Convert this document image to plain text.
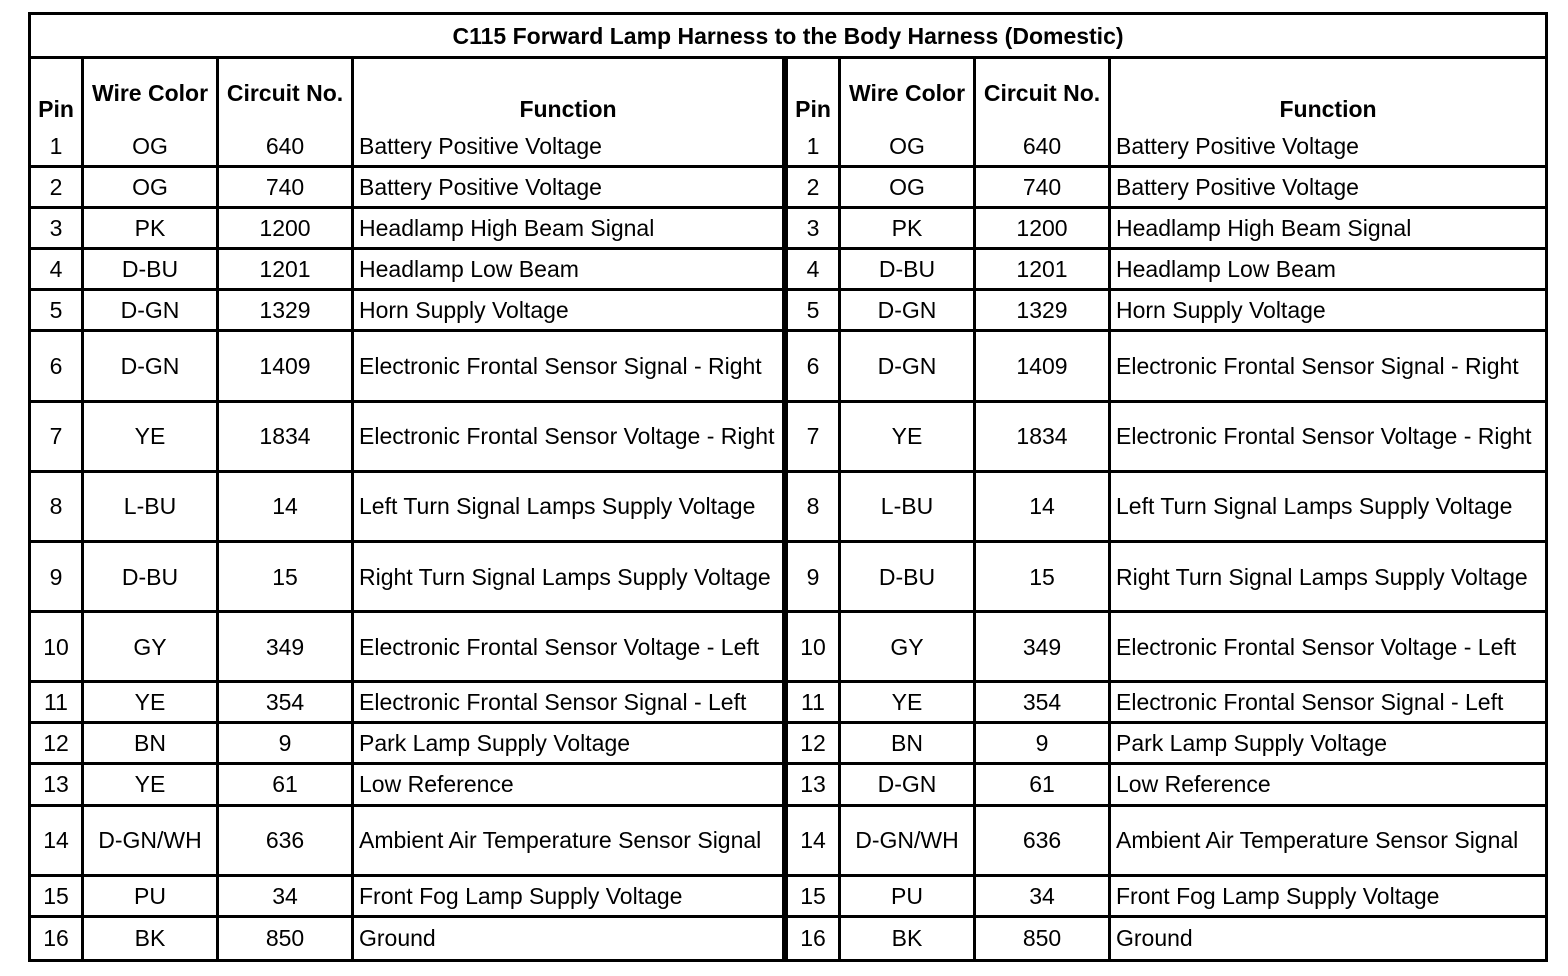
C115 Forward Lamp Harness to the Body Harness (Domestic)							
Pin	Wire Color	Circuit No.	Function	Pin	Wire Color	Circuit No.	Function
1	OG	640	Battery Positive Voltage	1	OG	640	Battery Positive Voltage
2	OG	740	Battery Positive Voltage	2	OG	740	Battery Positive Voltage
3	PK	1200	Headlamp High Beam Signal	3	PK	1200	Headlamp High Beam Signal
4	D-BU	1201	Headlamp Low Beam	4	D-BU	1201	Headlamp Low Beam
5	D-GN	1329	Horn Supply Voltage	5	D-GN	1329	Horn Supply Voltage
6	D-GN	1409	Electronic Frontal Sensor Signal - Right	6	D-GN	1409	Electronic Frontal Sensor Signal - Right
7	YE	1834	Electronic Frontal Sensor Voltage - Right	7	YE	1834	Electronic Frontal Sensor Voltage - Right
8	L-BU	14	Left Turn Signal Lamps Supply Voltage	8	L-BU	14	Left Turn Signal Lamps Supply Voltage
9	D-BU	15	Right Turn Signal Lamps Supply Voltage	9	D-BU	15	Right Turn Signal Lamps Supply Voltage
10	GY	349	Electronic Frontal Sensor Voltage - Left	10	GY	349	Electronic Frontal Sensor Voltage - Left
11	YE	354	Electronic Frontal Sensor Signal - Left	11	YE	354	Electronic Frontal Sensor Signal - Left
12	BN	9	Park Lamp Supply Voltage	12	BN	9	Park Lamp Supply Voltage
13	YE	61	Low Reference	13	D-GN	61	Low Reference
14	D-GN/WH	636	Ambient Air Temperature Sensor Signal	14	D-GN/WH	636	Ambient Air Temperature Sensor Signal
15	PU	34	Front Fog Lamp Supply Voltage	15	PU	34	Front Fog Lamp Supply Voltage
16	BK	850	Ground	16	BK	850	Ground
